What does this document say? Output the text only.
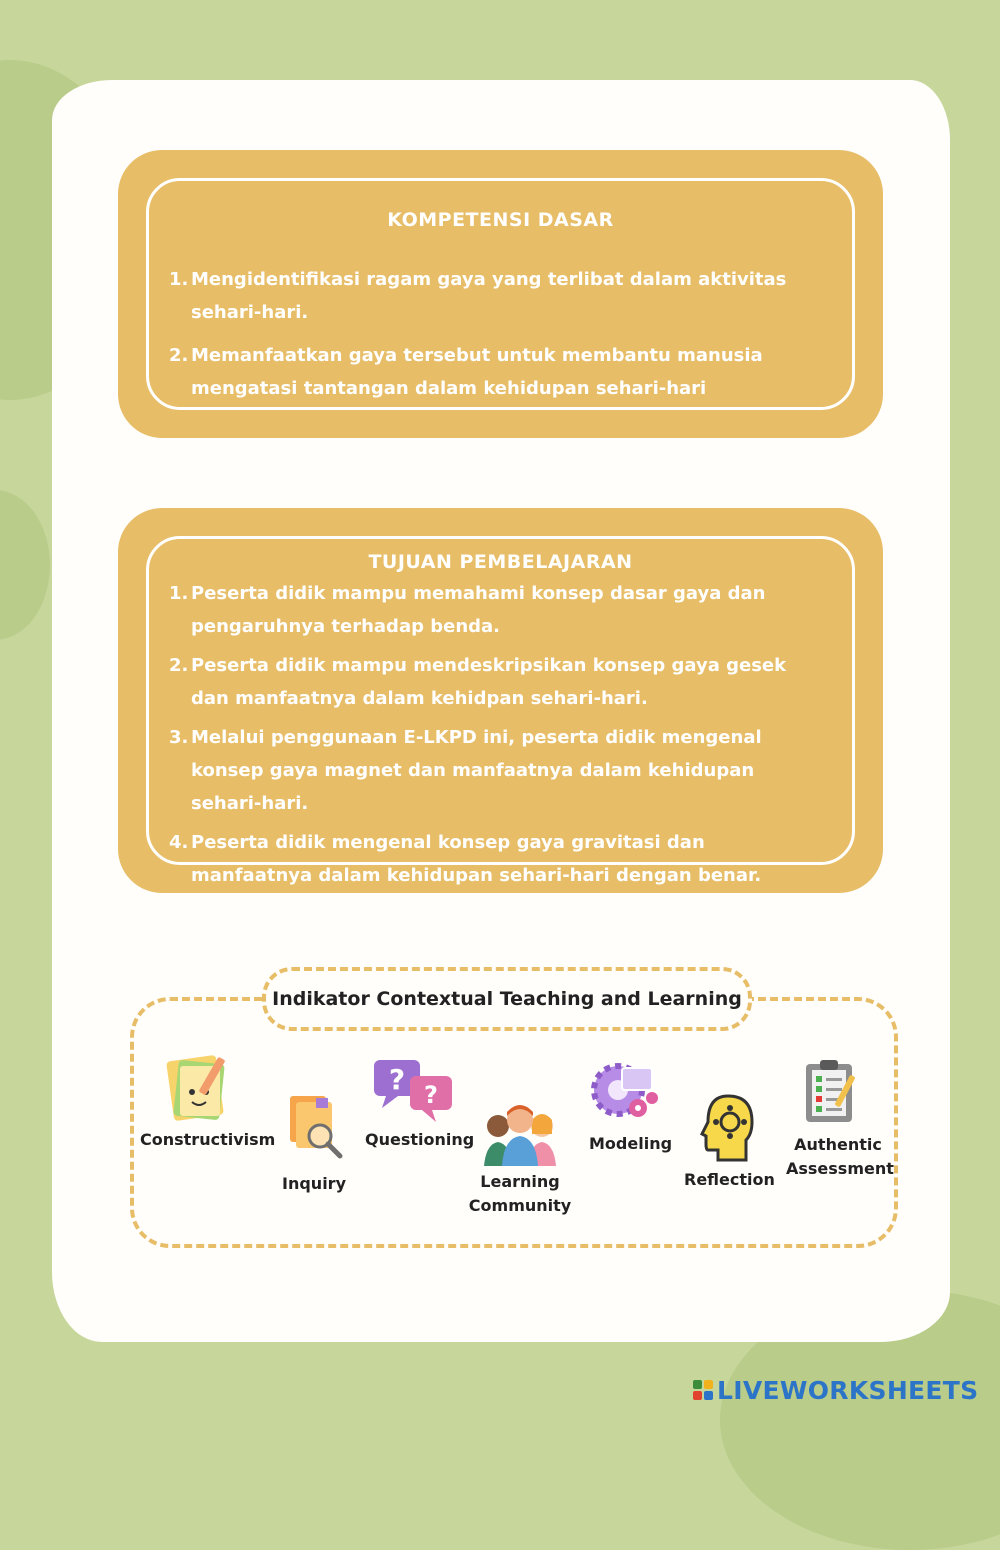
KOMPETENSI DASAR
1. Mengidentifikasi ragam gaya yang terlibat dalam aktivitas sehari-hari.
2. Memanfaatkan gaya tersebut untuk membantu manusia mengatasi tantangan dalam kehidupan sehari-hari
TUJUAN PEMBELAJARAN
1. Peserta didik mampu memahami konsep dasar gaya dan pengaruhnya terhadap benda.
2. Peserta didik mampu mendeskripsikan konsep gaya gesek dan manfaatnya dalam kehidpan sehari-hari.
3. Melalui penggunaan E-LKPD ini, peserta didik mengenal konsep gaya magnet dan manfaatnya dalam kehidupan sehari-hari.
4. Peserta didik mengenal konsep gaya gravitasi dan manfaatnya dalam kehidupan sehari-hari dengan benar.
Indikator Contextual Teaching and Learning
Constructivism
Inquiry
? ?
Questioning
Learning Community
Modeling
Reflection
Authentic Assessment
LIVEWORKSHEETS
